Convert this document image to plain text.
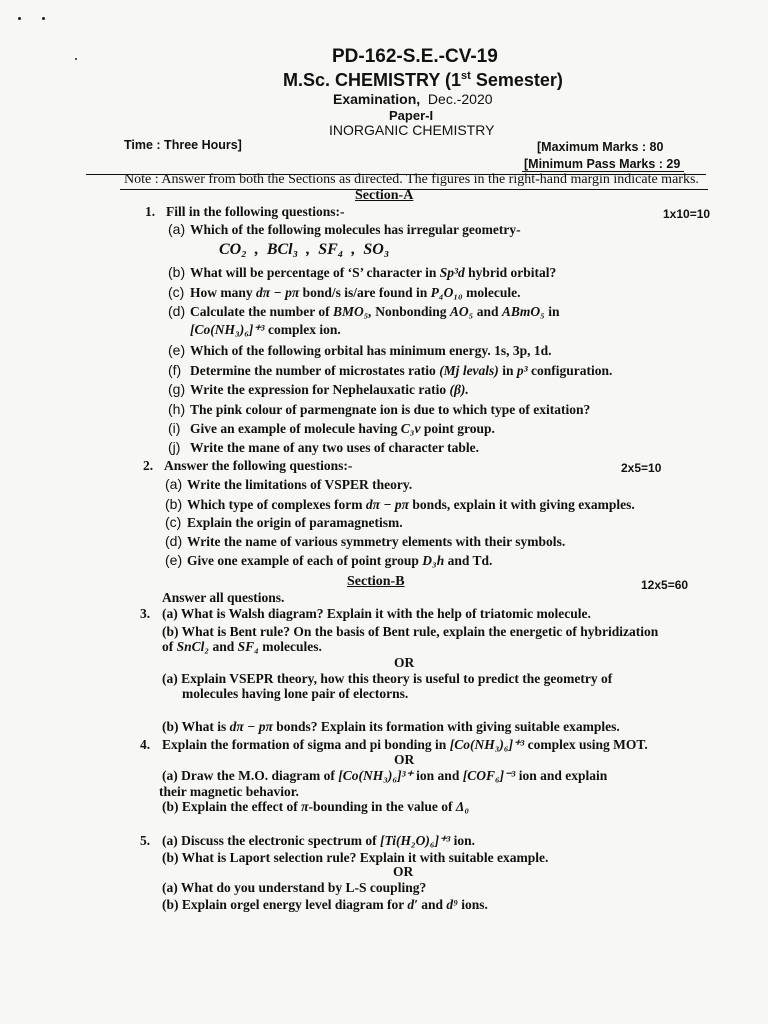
PD-162-S.E.-CV-19
M.Sc. CHEMISTRY (1st Semester)
Examination, Dec.-2020
Paper-I
INORGANIC CHEMISTRY
Time : Three Hours]	[Maximum Marks : 80
[Minimum Pass Marks : 29
Note : Answer from both the Sections as directed. The figures in the right-hand margin indicate marks.
Section-A
1. Fill in the following questions:-	1x10=10
(a) Which of the following molecules has irregular geometry-
CO₂ , BCl₃ , SF₄ , SO₃
(b) What will be percentage of ‘S’ character in Sp³d hybrid orbital?
(c) How many dπ − pπ bond/s is/are found in P₄O₁₀ molecule.
(d) Calculate the number of BMO₅, Nonbonding AO₅ and ABmO₅ in
[Co(NH₃)₆]⁺³ complex ion.
(e) Which of the following orbital has minimum energy. 1s, 3p, 1d.
(f) Determine the number of microstates ratio (Mj levals) in p³ configuration.
(g) Write the expression for Nephelauxatic ratio (β).
(h) The pink colour of parmengnate ion is due to which type of exitation?
(i) Give an example of molecule having C₃v point group.
(j) Write the mane of any two uses of character table.
2. Answer the following questions:-	2x5=10
(a) Write the limitations of VSPER theory.
(b) Which type of complexes form dπ − pπ bonds, explain it with giving examples.
(c) Explain the origin of paramagnetism.
(d) Write the name of various symmetry elements with their symbols.
(e) Give one example of each of point group D₃h and Td.
Section-B	12x5=60
Answer all questions.
3. (a) What is Walsh diagram? Explain it with the help of triatomic molecule.
(b) What is Bent rule? On the basis of Bent rule, explain the energetic of hybridization
of SnCl₂ and SF₄ molecules.
OR
(a) Explain VSEPR theory, how this theory is useful to predict the geometry of
molecules having lone pair of electorns.
(b) What is dπ − pπ bonds? Explain its formation with giving suitable examples.
4. Explain the formation of sigma and pi bonding in [Co(NH₃)₆]⁺³ complex using MOT.
OR
(a) Draw the M.O. diagram of [Co(NH₃)₆]³⁺ ion and [COF₆]⁻³ ion and explain
their magnetic behavior.
(b) Explain the effect of π-bounding in the value of Δ₀
5. (a) Discuss the electronic spectrum of [Ti(H₂O)₆]⁺³ ion.
(b) What is Laport selection rule? Explain it with suitable example.
OR
(a) What do you understand by L-S coupling?
(b) Explain orgel energy level diagram for d′ and d⁹ ions.
